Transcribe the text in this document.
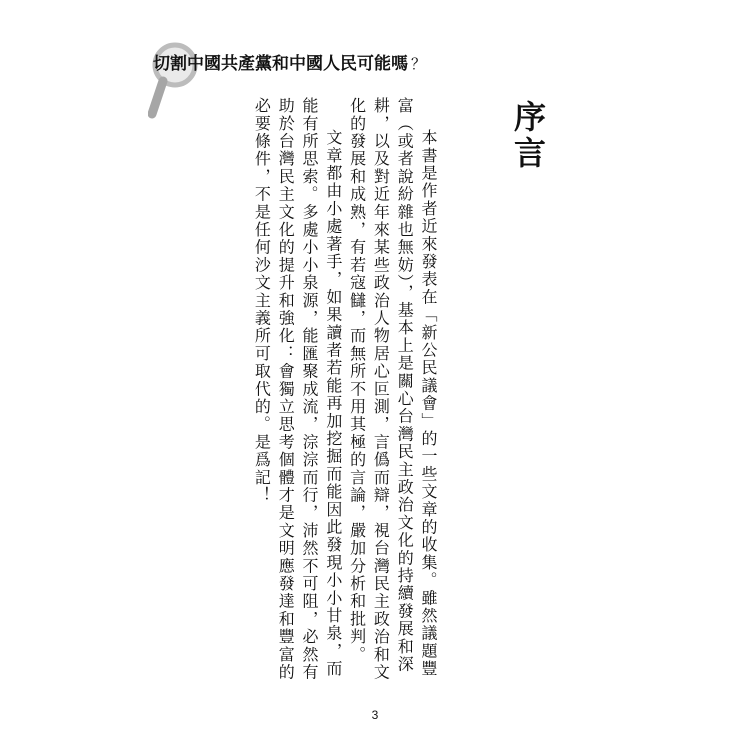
切割中國共產黨和中國人民可能嗎 ？
序言

本書是作者近來發表在「新公民議會」的一些文章的收集。雖然議題豐富（或者說紛雜也無妨），基本上是關心台灣民主政治文化的持續發展和深耕，以及對近年來某些政治人物居心叵測，言僞而辯，視台灣民主政治和文化的發展和成熟，有若寇讎，而無所不用其極的言論，嚴加分析和批判。

文章都由小處著手，如果讀者若能再加挖掘而能因此發現小小甘泉，而能有所思索。多處小小泉源，能匯聚成流，淙淙而行，沛然不可阻，必然有助於台灣民主文化的提升和強化：會獨立思考個體才是文明應發達和豐富的必要條件，不是任何沙文主義所可取代的。是爲記！

3
